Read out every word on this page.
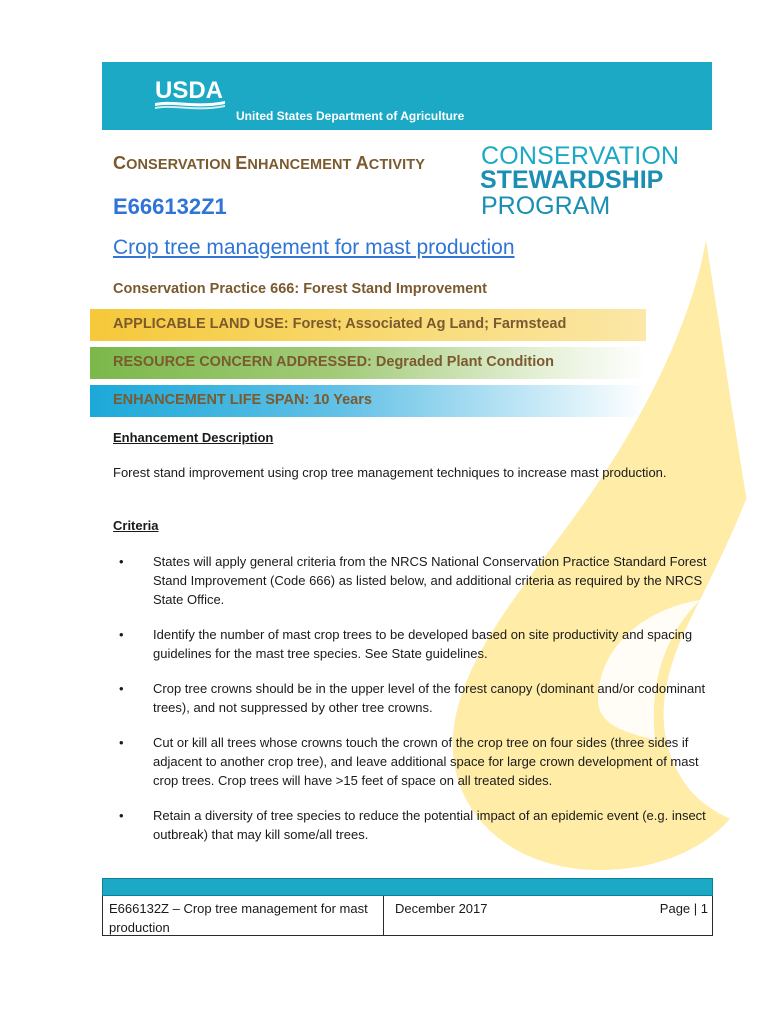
USDA
United States Department of Agriculture
CONSERVATION ENHANCEMENT ACTIVITY
E666132Z1
CONSERVATION
STEWARDSHIP
PROGRAM
Crop tree management for mast production
Conservation Practice 666: Forest Stand Improvement
APPLICABLE LAND USE: Forest; Associated Ag Land; Farmstead
RESOURCE CONCERN ADDRESSED: Degraded Plant Condition
ENHANCEMENT LIFE SPAN: 10 Years
Enhancement Description
Forest stand improvement using crop tree management techniques to increase mast production.
Criteria
• States will apply general criteria from the NRCS National Conservation Practice Standard Forest Stand Improvement (Code 666) as listed below, and additional criteria as required by the NRCS State Office.
• Identify the number of mast crop trees to be developed based on site productivity and spacing guidelines for the mast tree species. See State guidelines.
• Crop tree crowns should be in the upper level of the forest canopy (dominant and/or codominant trees), and not suppressed by other tree crowns.
• Cut or kill all trees whose crowns touch the crown of the crop tree on four sides (three sides if adjacent to another crop tree), and leave additional space for large crown development of mast crop trees. Crop trees will have >15 feet of space on all treated sides.
• Retain a diversity of tree species to reduce the potential impact of an epidemic event (e.g. insect outbreak) that may kill some/all trees.
E666132Z – Crop tree management for mast production
December 2017	Page | 1
